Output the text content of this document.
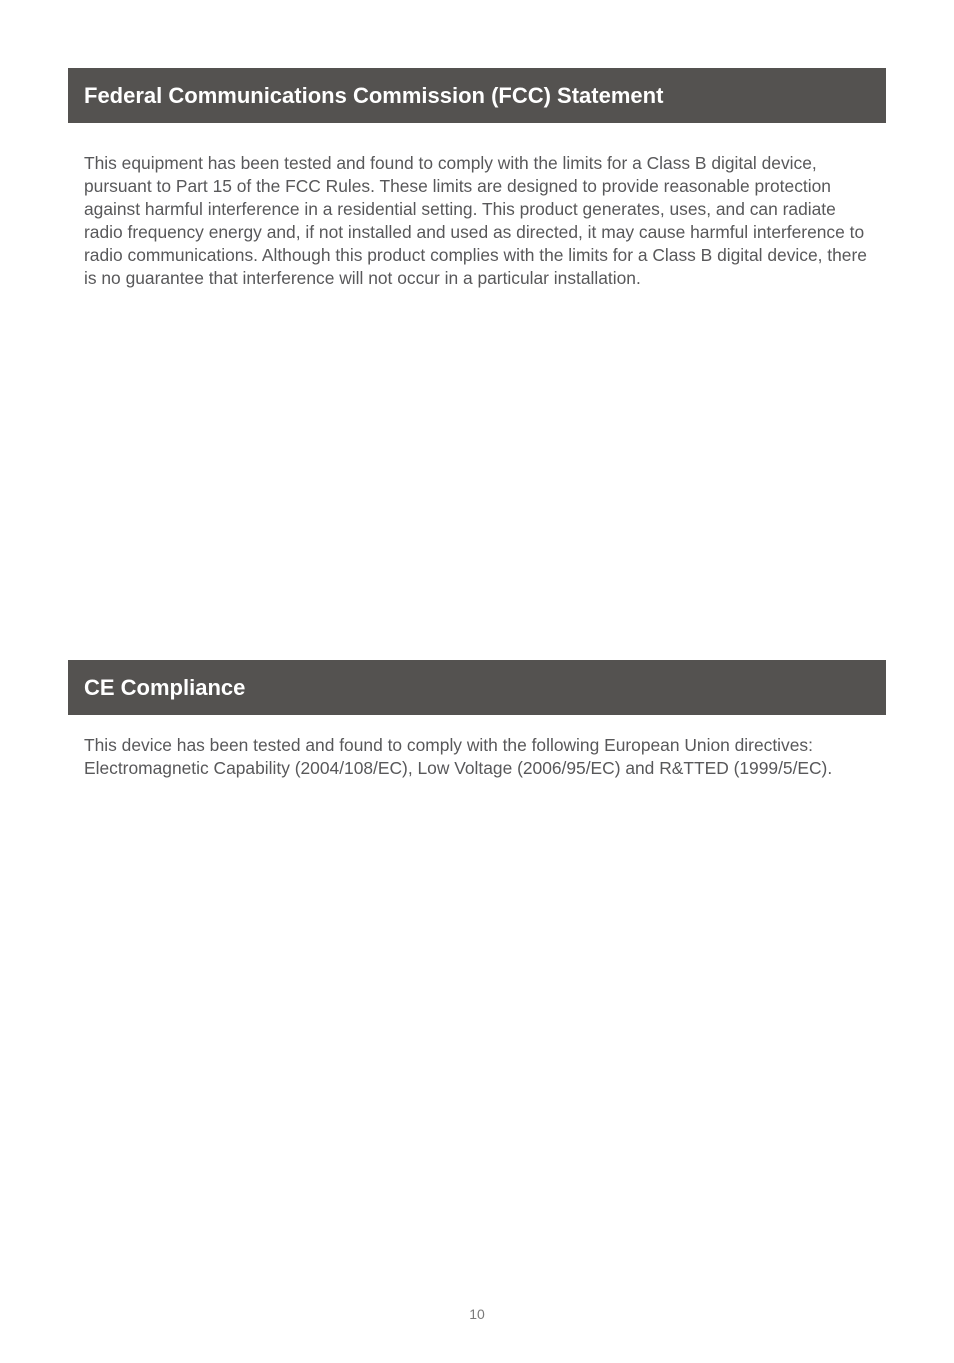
Federal Communications Commission (FCC) Statement

This equipment has been tested and found to comply with the limits for a Class B digital device, pursuant to Part 15 of the FCC Rules. These limits are designed to provide reasonable protection against harmful interference in a residential setting. This product generates, uses, and can radiate radio frequency energy and, if not installed and used as directed, it may cause harmful interference to radio communications. Although this product complies with the limits for a Class B digital device, there is no guarantee that interference will not occur in a particular installation.

CE Compliance

This device has been tested and found to comply with the following European Union directives: Electromagnetic Capability (2004/108/EC), Low Voltage (2006/95/EC) and R&TTED (1999/5/EC).

10
